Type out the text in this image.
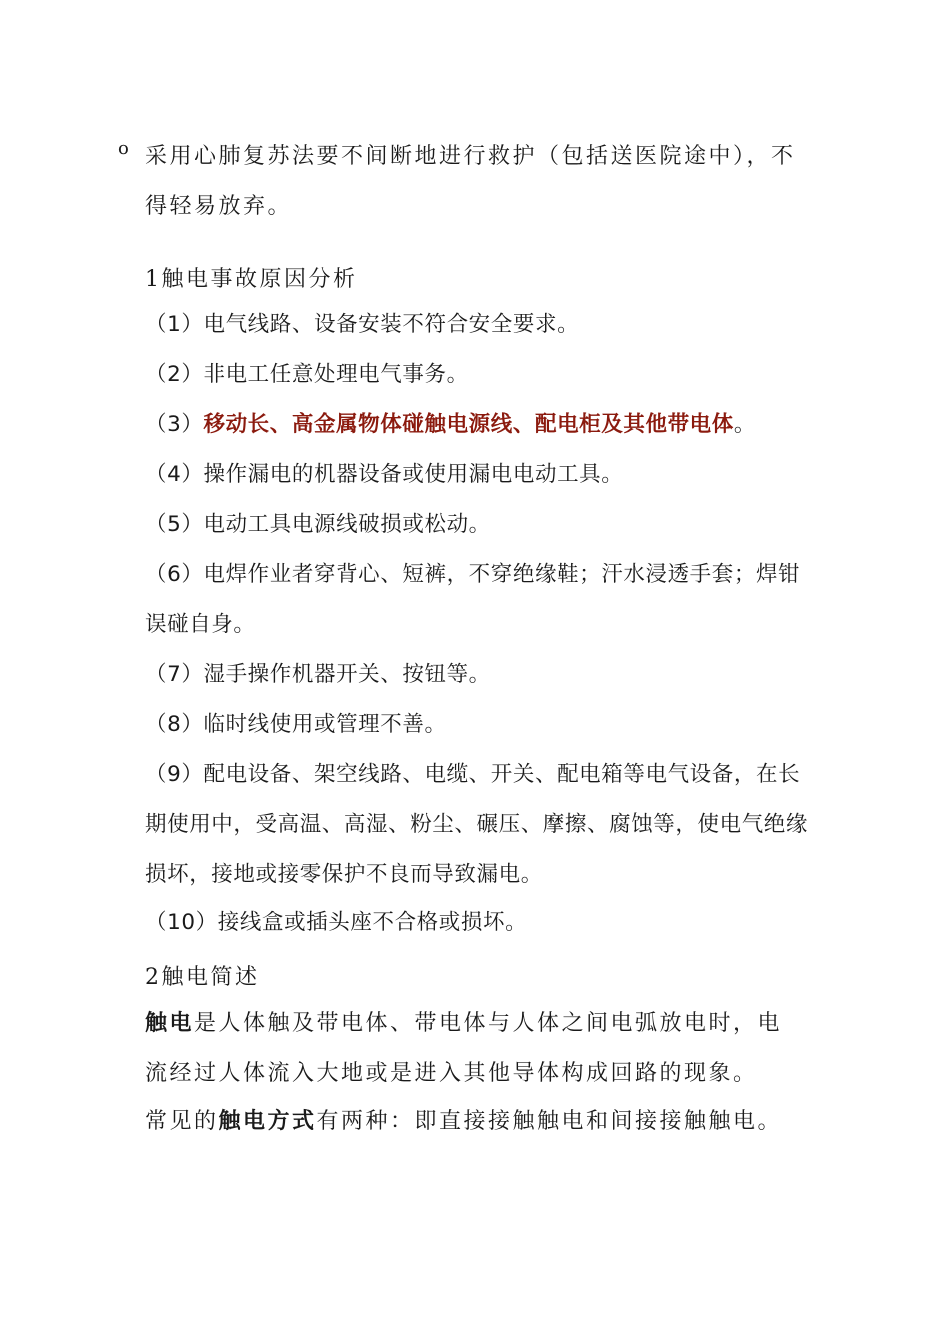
o 采用心肺复苏法要不间断地进行救护（包括送医院途中），不得轻易放弃。
1触电事故原因分析
（1）电气线路、设备安装不符合安全要求。
（2）非电工任意处理电气事务。
（3）移动长、高金属物体碰触电源线、配电柜及其他带电体。
（4）操作漏电的机器设备或使用漏电电动工具。
（5）电动工具电源线破损或松动。
（6）电焊作业者穿背心、短裤，不穿绝缘鞋；汗水浸透手套；焊钳误碰自身。
（7）湿手操作机器开关、按钮等。
（8）临时线使用或管理不善。
（9）配电设备、架空线路、电缆、开关、配电箱等电气设备，在长期使用中，受高温、高湿、粉尘、碾压、摩擦、腐蚀等，使电气绝缘损坏，接地或接零保护不良而导致漏电。
（10）接线盒或插头座不合格或损坏。
2触电简述
触电是人体触及带电体、带电体与人体之间电弧放电时，电流经过人体流入大地或是进入其他导体构成回路的现象。
常见的触电方式有两种：即直接接触触电和间接接触触电。
